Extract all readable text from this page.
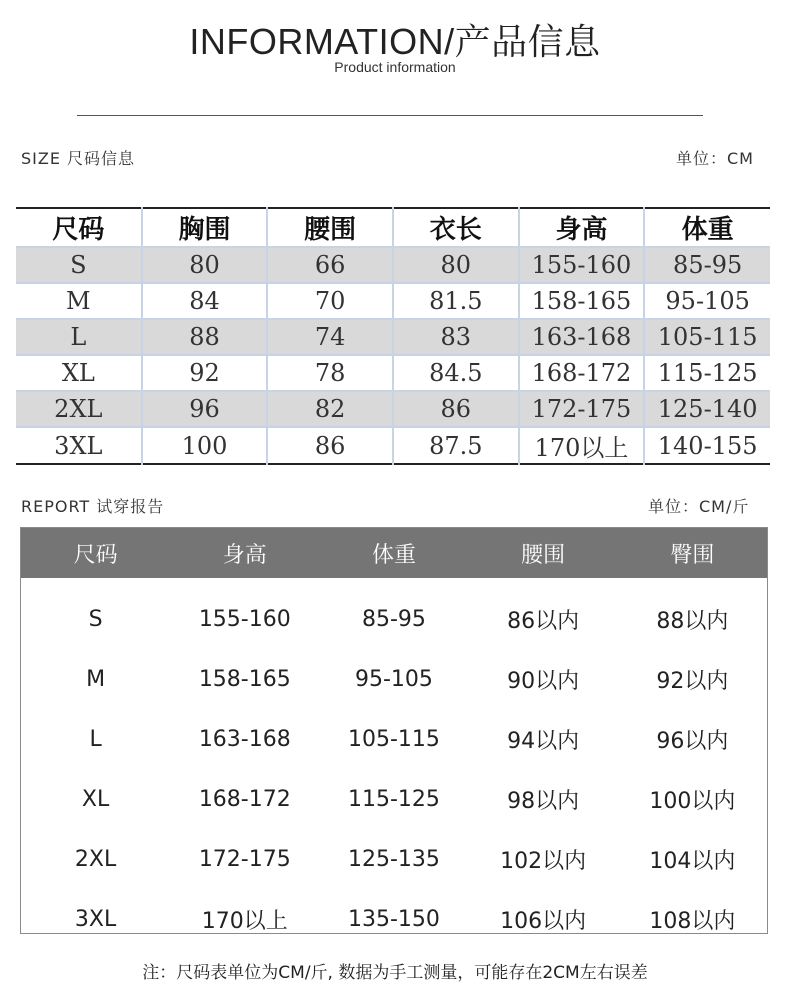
INFORMATION/产品信息
Product information
SIZE 尺码信息	单位：CM
尺码	胸围	腰围	衣长	身高	体重
S	80	66	80	155-160	85-95
M	84	70	81.5	158-165	95-105
L	88	74	83	163-168	105-115
XL	92	78	84.5	168-172	115-125
2XL	96	82	86	172-175	125-140
3XL	100	86	87.5	170以上	140-155
REPORT 试穿报告	单位：CM/斤
尺码	身高	体重	腰围	臀围
S	155-160	85-95	86以内	88以内
M	158-165	95-105	90以内	92以内
L	163-168	105-115	94以内	96以内
XL	168-172	115-125	98以内	100以内
2XL	172-175	125-135	102以内	104以内
3XL	170以上	135-150	106以内	108以内
注：尺码表单位为CM/斤, 数据为手工测量，可能存在2CM左右误差
